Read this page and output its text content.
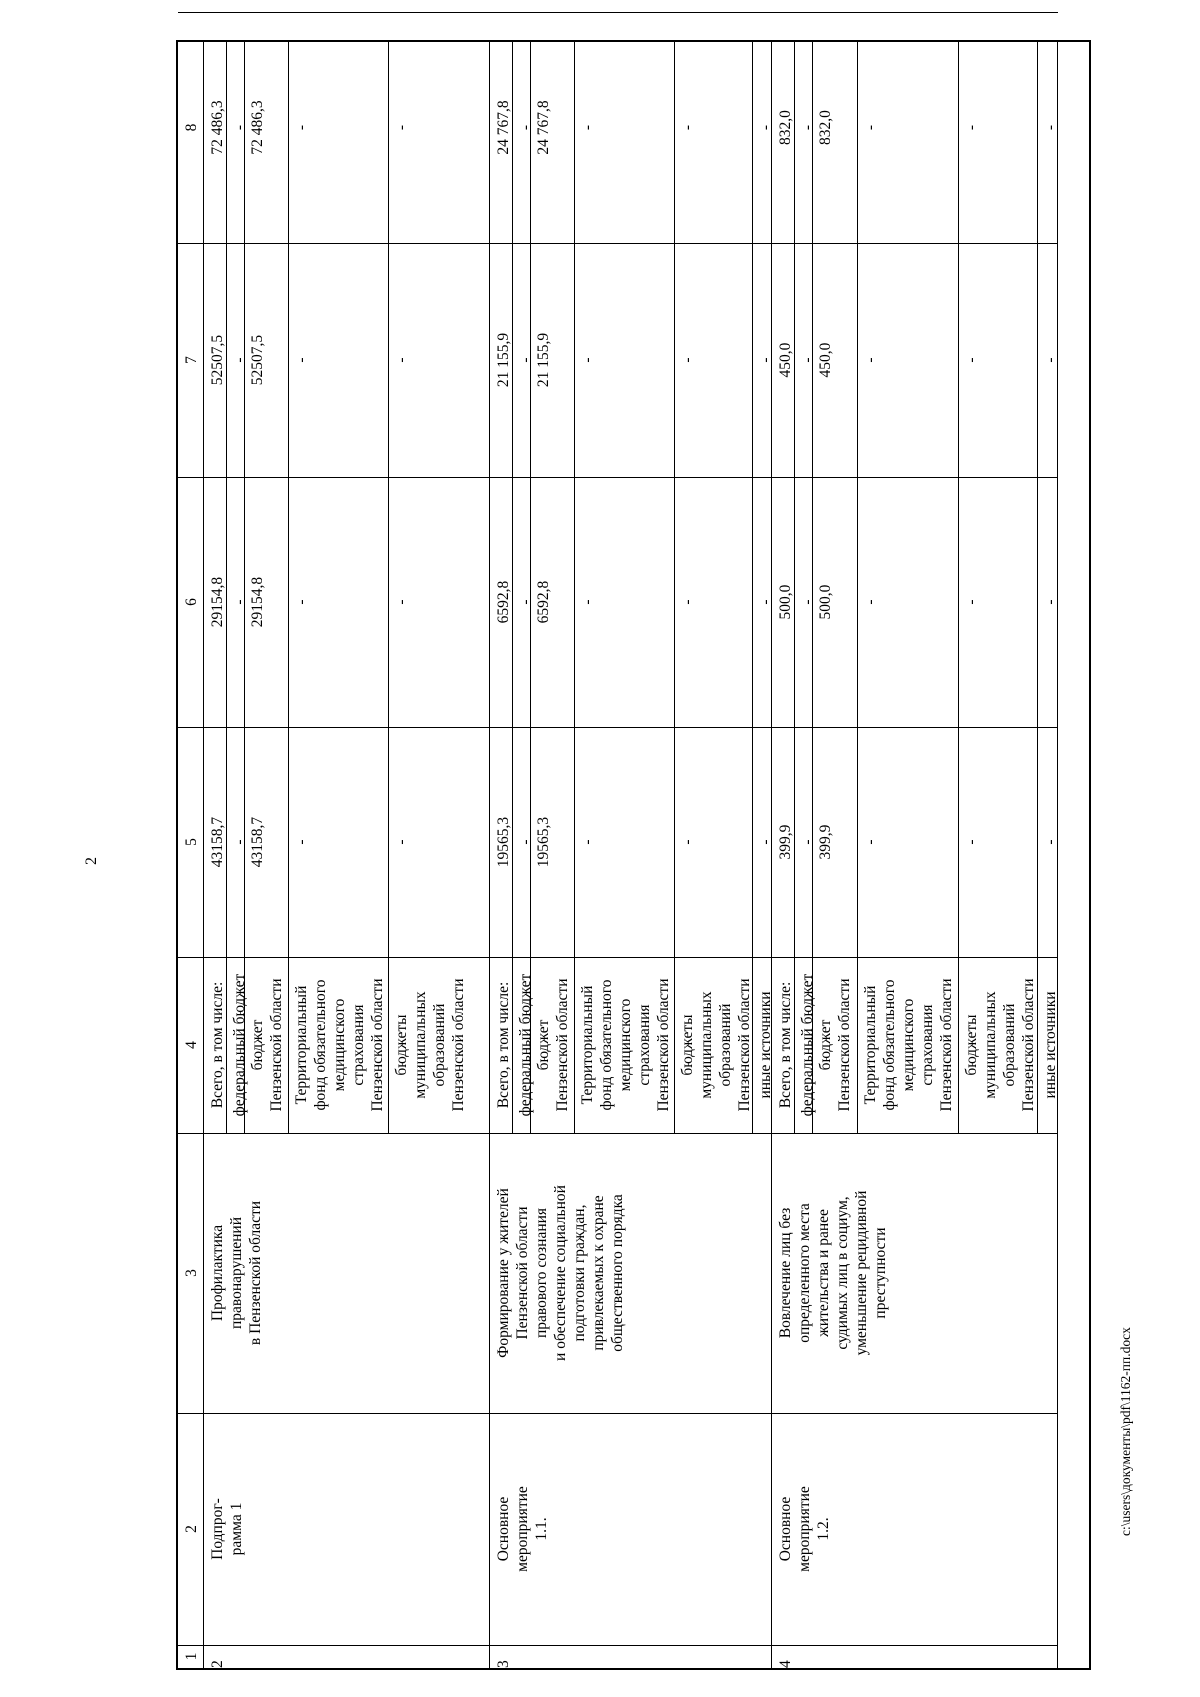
2
c:\users\документы\pdf\1162-пп.docx
1
2
3
4
5
6
7
8
2
Подпрог- рамма 1
Профилактика правонарушений в Пензенской области
Всего, в том числе:
43158,7
29154,8
52507,5
72 486,3
федеральный бюджет
-
-
-
-
бюджет Пензенской области
43158,7
29154,8
52507,5
72 486,3
Территориальный фонд обязательного медицинского страхования Пензенской области
-
-
-
-
бюджеты муниципальных образований Пензенской области
-
-
-
-
3
Основное мероприятие 1.1.
Формирование у жителей Пензенской области правового сознания и обеспечение социальной подготовки граждан, привлекаемых к охране общественного порядка
Всего, в том числе:
19565,3
6592,8
21 155,9
24 767,8
федеральный бюджет
-
-
-
-
бюджет Пензенской области
19565,3
6592,8
21 155,9
24 767,8
Территориальный фонд обязательного медицинского страхования Пензенской области
-
-
-
-
бюджеты муниципальных образований Пензенской области
-
-
-
-
иные источники
-
-
-
-
4
Основное мероприятие 1.2.
Вовлечение лиц без определенного места жительства и ранее судимых лиц в социум, уменьшение рецидивной преступности
Всего, в том числе:
399,9
500,0
450,0
832,0
федеральный бюджет
-
-
-
-
бюджет Пензенской области
399,9
500,0
450,0
832,0
Территориальный фонд обязательного медицинского страхования Пензенской области
-
-
-
-
бюджеты муниципальных образований Пензенской области
-
-
-
-
иные источники
-
-
-
-
